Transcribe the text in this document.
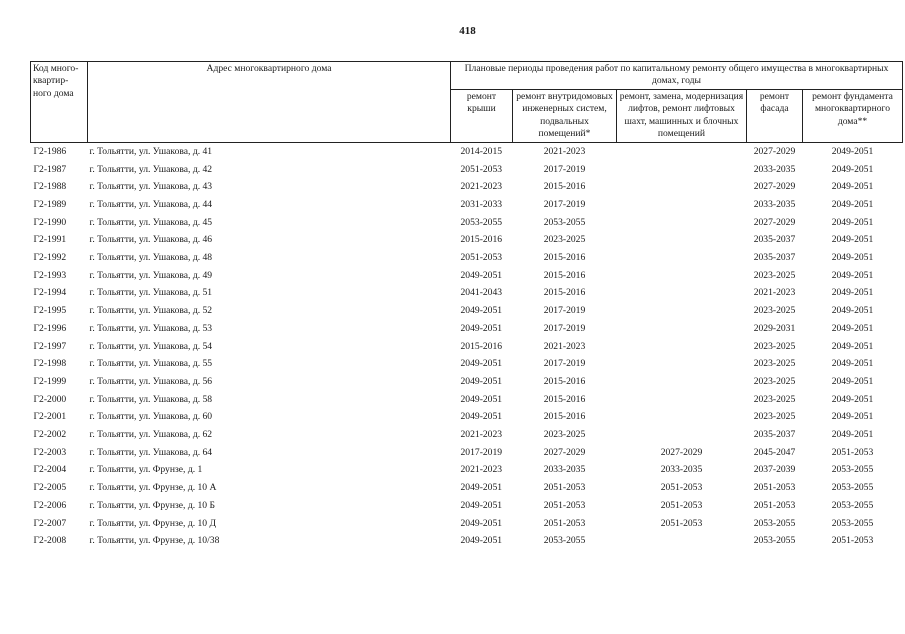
418
Код много-квартир-ного дома	Адрес многоквартирного дома	Плановые периоды проведения работ по капитальному ремонту общего имущества в многоквартирных домах, годы				
		ремонт крыши	ремонт внутридомовых инженерных систем, подвальных помещений*	ремонт, замена, модернизация лифтов, ремонт лифтовых шахт, машинных и блочных помещений	ремонт фасада	ремонт фундамента многоквартирного дома**
Г2-1986	г. Тольятти, ул. Ушакова, д. 41	2014-2015	2021-2023		2027-2029	2049-2051
Г2-1987	г. Тольятти, ул. Ушакова, д. 42	2051-2053	2017-2019		2033-2035	2049-2051
Г2-1988	г. Тольятти, ул. Ушакова, д. 43	2021-2023	2015-2016		2027-2029	2049-2051
Г2-1989	г. Тольятти, ул. Ушакова, д. 44	2031-2033	2017-2019		2033-2035	2049-2051
Г2-1990	г. Тольятти, ул. Ушакова, д. 45	2053-2055	2053-2055		2027-2029	2049-2051
Г2-1991	г. Тольятти, ул. Ушакова, д. 46	2015-2016	2023-2025		2035-2037	2049-2051
Г2-1992	г. Тольятти, ул. Ушакова, д. 48	2051-2053	2015-2016		2035-2037	2049-2051
Г2-1993	г. Тольятти, ул. Ушакова, д. 49	2049-2051	2015-2016		2023-2025	2049-2051
Г2-1994	г. Тольятти, ул. Ушакова, д. 51	2041-2043	2015-2016		2021-2023	2049-2051
Г2-1995	г. Тольятти, ул. Ушакова, д. 52	2049-2051	2017-2019		2023-2025	2049-2051
Г2-1996	г. Тольятти, ул. Ушакова, д. 53	2049-2051	2017-2019		2029-2031	2049-2051
Г2-1997	г. Тольятти, ул. Ушакова, д. 54	2015-2016	2021-2023		2023-2025	2049-2051
Г2-1998	г. Тольятти, ул. Ушакова, д. 55	2049-2051	2017-2019		2023-2025	2049-2051
Г2-1999	г. Тольятти, ул. Ушакова, д. 56	2049-2051	2015-2016		2023-2025	2049-2051
Г2-2000	г. Тольятти, ул. Ушакова, д. 58	2049-2051	2015-2016		2023-2025	2049-2051
Г2-2001	г. Тольятти, ул. Ушакова, д. 60	2049-2051	2015-2016		2023-2025	2049-2051
Г2-2002	г. Тольятти, ул. Ушакова, д. 62	2021-2023	2023-2025		2035-2037	2049-2051
Г2-2003	г. Тольятти, ул. Ушакова, д. 64	2017-2019	2027-2029	2027-2029	2045-2047	2051-2053
Г2-2004	г. Тольятти, ул. Фрунзе, д. 1	2021-2023	2033-2035	2033-2035	2037-2039	2053-2055
Г2-2005	г. Тольятти, ул. Фрунзе, д. 10 А	2049-2051	2051-2053	2051-2053	2051-2053	2053-2055
Г2-2006	г. Тольятти, ул. Фрунзе, д. 10 Б	2049-2051	2051-2053	2051-2053	2051-2053	2053-2055
Г2-2007	г. Тольятти, ул. Фрунзе, д. 10 Д	2049-2051	2051-2053	2051-2053	2053-2055	2053-2055
Г2-2008	г. Тольятти, ул. Фрунзе, д. 10/38	2049-2051	2053-2055		2053-2055	2051-2053
